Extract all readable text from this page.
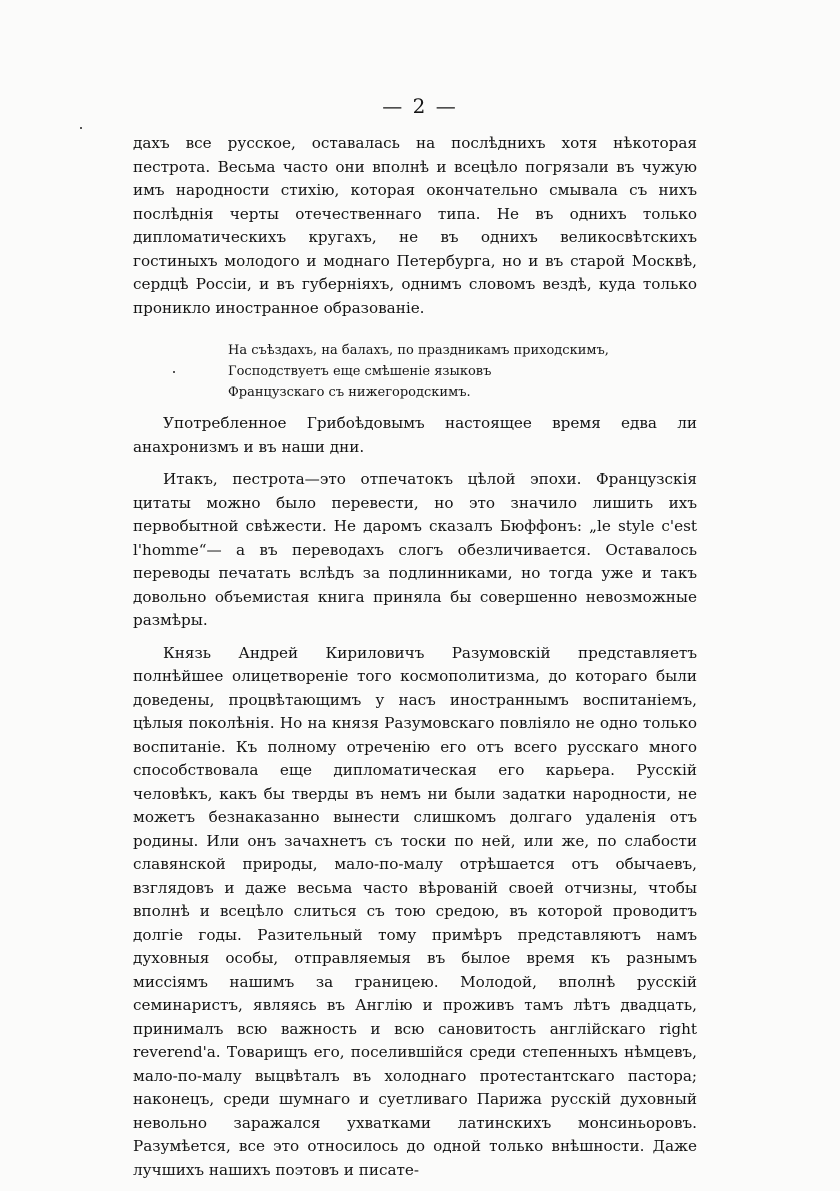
— 2 —

дахъ все русское, оставалась на послѣднихъ хотя нѣкоторая пестрота. Весьма часто они вполнѣ и всецѣло погрязали въ чужую имъ народности стихію, которая окончательно смывала съ нихъ послѣднія черты отечественнаго типа. Не въ однихъ только дипломатическихъ кругахъ, не въ однихъ великосвѣтскихъ гостиныхъ молодого и моднаго Петербурга, но и въ старой Москвѣ, сердцѣ Россіи, и въ губерніяхъ, однимъ словомъ вездѣ, куда только проникло иностранное образованіе.

На съѣздахъ, на балахъ, по праздникамъ приходскимъ,
Господствуетъ еще смѣшеніе языковъ
Французскаго съ нижегородскимъ.

Употребленное Грибоѣдовымъ настоящее время едва ли анахронизмъ и въ наши дни.

Итакъ, пестрота—это отпечатокъ цѣлой эпохи. Французскія цитаты можно было перевести, но это значило лишить ихъ первобытной свѣжести. Не даромъ сказалъ Бюффонъ: „le style c'est l'homme“— а въ переводахъ слогъ обезличивается. Оставалось переводы печатать вслѣдъ за подлинниками, но тогда уже и такъ довольно объемистая книга приняла бы совершенно невозможные размѣры.

Князь Андрей Кириловичъ Разумовскій представляетъ полнѣйшее олицетвореніе того космополитизма, до котораго были доведены, процвѣтающимъ у насъ иностраннымъ воспитаніемъ, цѣлыя поколѣнія. Но на князя Разумовскаго повліяло не одно только воспитаніе. Къ полному отреченію его отъ всего русскаго много способствовала еще дипломатическая его карьера. Русскій человѣкъ, какъ бы тверды въ немъ ни были задатки народности, не можетъ безнаказанно вынести слишкомъ долгаго удаленія отъ родины. Или онъ зачахнетъ съ тоски по ней, или же, по слабости славянской природы, мало-по-малу отрѣшается отъ обычаевъ, взглядовъ и даже весьма часто вѣрованій своей отчизны, чтобы вполнѣ и всецѣло слиться съ тою средою, въ которой проводитъ долгіе годы. Разительный тому примѣръ представляютъ намъ духовныя особы, отправляемыя въ былое время къ разнымъ миссіямъ нашимъ за границею. Молодой, вполнѣ русскій семинаристъ, являясь въ Англію и проживъ тамъ лѣтъ двадцать, принималъ всю важность и всю сановитость англійскаго right reverend'а. Товарищъ его, поселившійся среди степенныхъ нѣмцевъ, мало-по-малу выцвѣталъ въ холоднаго протестантскаго пастора; наконецъ, среди шумнаго и суетливаго Парижа русскій духовный невольно заражался ухватками латинскихъ монсиньоровъ. Разумѣется, все это относилось до одной только внѣшности. Даже лучшихъ нашихъ поэтовъ и писате-
